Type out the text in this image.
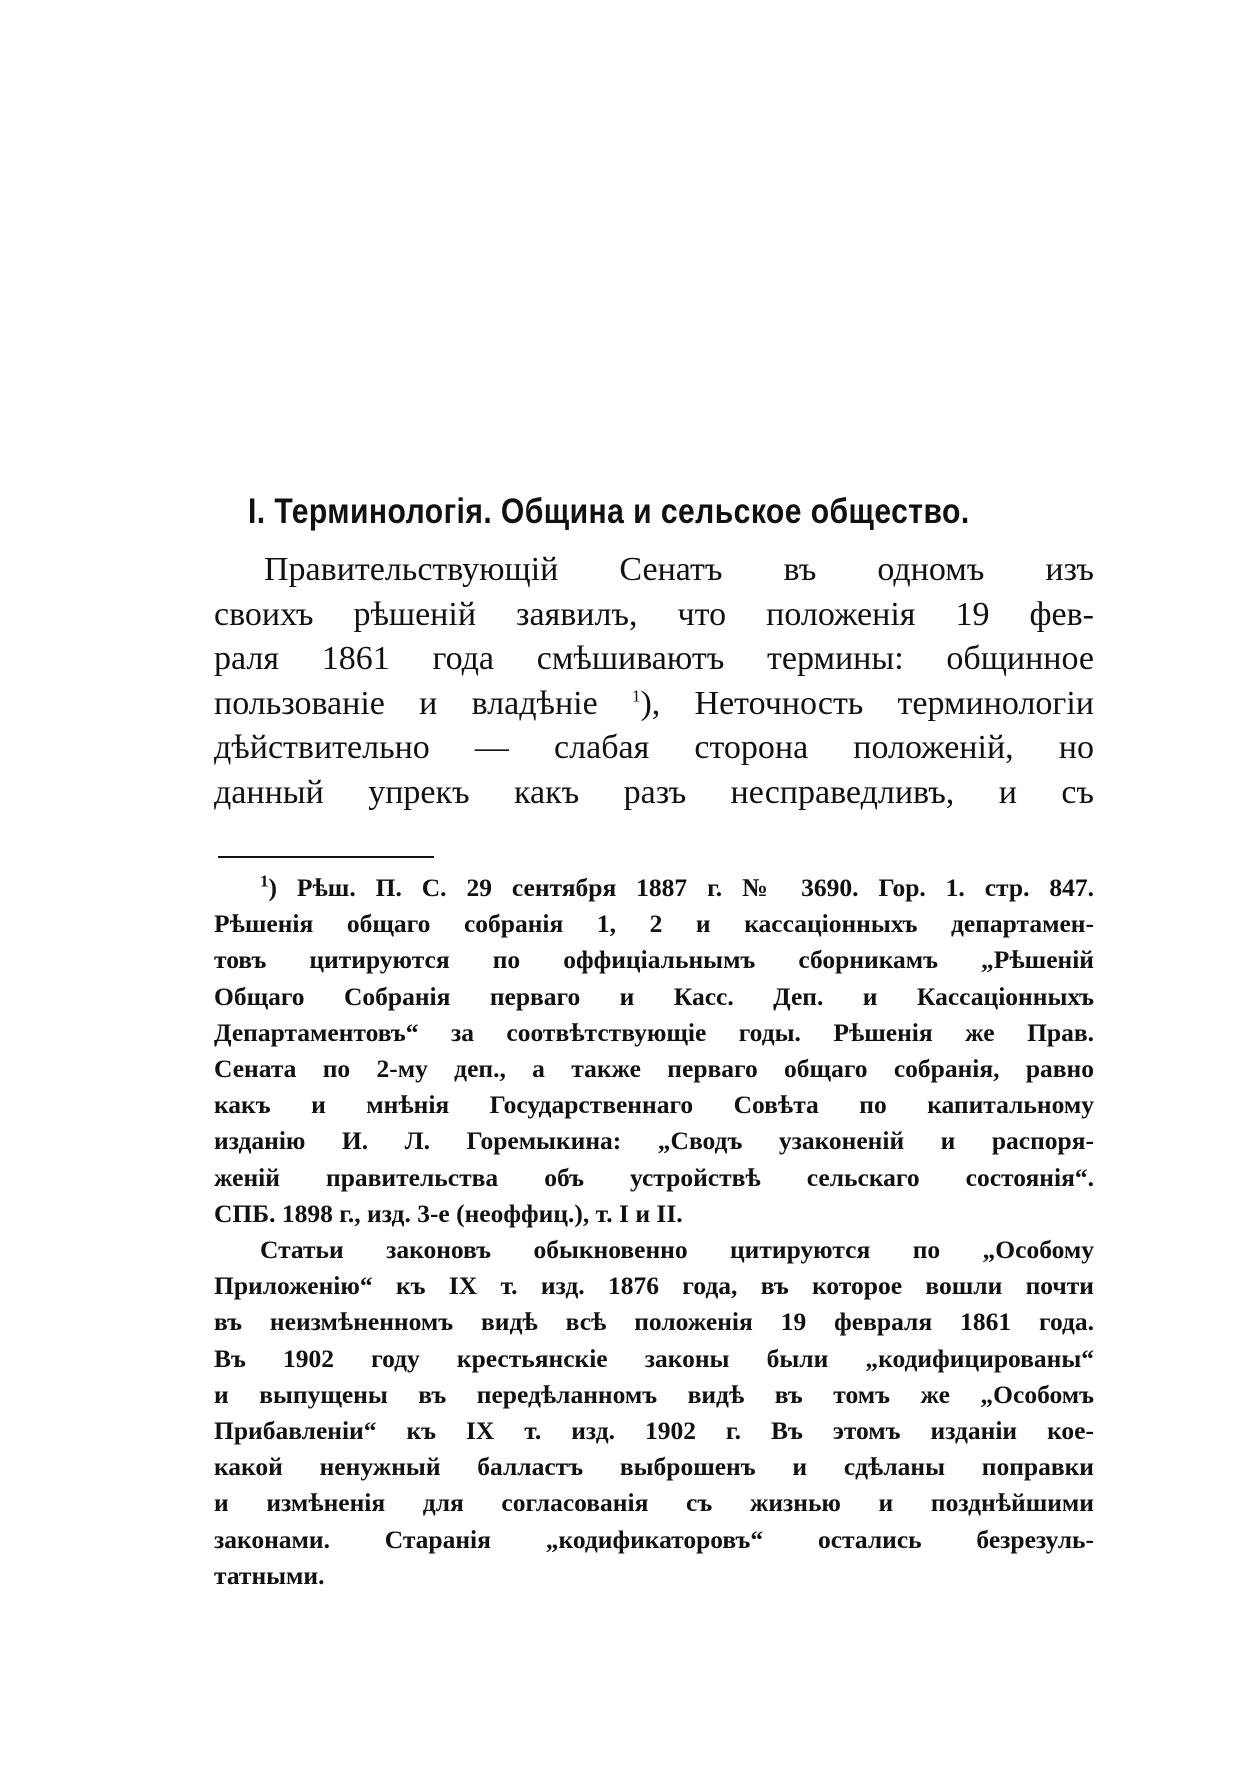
I. Терминологія. Община и сельское общество.
Правительствующій Сенатъ въ одномъ изъ
своихъ рѣшеній заявилъ, что положенія 19 фев-
раля 1861 года смѣшиваютъ термины: общинное
пользованіе и владѣніе $^1$), Неточность терминологіи
дѣйствительно — слабая сторона положеній, но
данный упрекъ какъ разъ несправедливъ, и съ
$^1$) Рѣш. П. С. 29 сентября 1887 г. № 3690. Гор. 1. стр. 847.
Рѣшенія общаго собранія 1, 2 и кассаціонныхъ департамен-
товъ цитируются по оффиціальнымъ сборникамъ „Рѣшеній
Общаго Собранія перваго и Касс. Деп. и Кассаціонныхъ
Департаментовъ“ за соотвѣтствующіе годы. Рѣшенія же Прав.
Сената по 2-му деп., а также перваго общаго собранія, равно
какъ и мнѣнія Государственнаго Совѣта по капитальному
изданію И. Л. Горемыкина: „Сводъ узаконеній и распоря-
женій правительства объ устройствѣ сельскаго состоянія“.
СПБ. 1898 г., изд. 3-е (неоффиц.), т. I и II.
Статьи законовъ обыкновенно цитируются по „Особому
Приложенію“ къ IX т. изд. 1876 года, въ которое вошли почти
въ неизмѣненномъ видѣ всѣ положенія 19 февраля 1861 года.
Въ 1902 году крестьянскіе законы были „кодифицированы“
и выпущены въ передѣланномъ видѣ въ томъ же „Особомъ
Прибавленіи“ къ IX т. изд. 1902 г. Въ этомъ изданіи кое-
какой ненужный балластъ выброшенъ и сдѣланы поправки
и измѣненія для согласованія съ жизнью и позднѣйшими
законами. Старанія „кодификаторовъ“ остались безрезуль-
татными.
